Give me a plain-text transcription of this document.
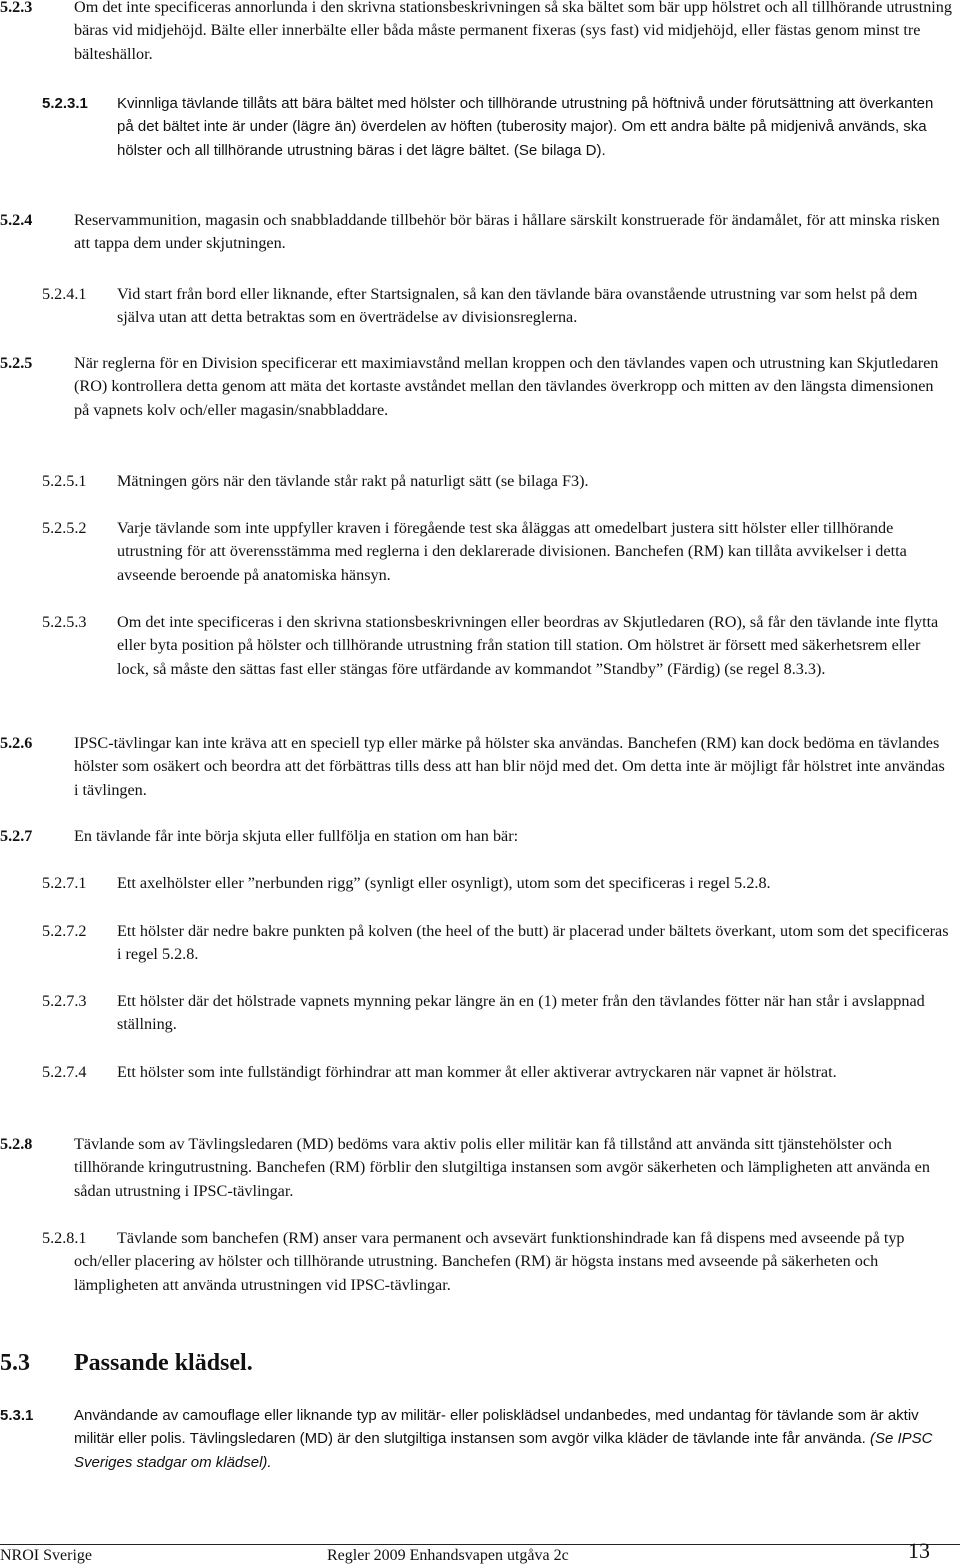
5.2.3	Om det inte specificeras annorlunda i den skrivna stationsbeskrivningen så ska bältet som bär upp hölstret och all tillhörande utrustning bäras vid midjehöjd. Bälte eller innerbälte eller båda måste permanent fixeras (sys fast) vid midjehöjd, eller fästas genom minst tre bälteshällor.
5.2.3.1 Kvinnliga tävlande tillåts att bära bältet med hölster och tillhörande utrustning på höftnivå under förutsättning att överkanten på det bältet inte är under (lägre än) överdelen av höften (tuberosity major). Om ett andra bälte på midjenivå används, ska hölster och all tillhörande utrustning bäras i det lägre bältet. (Se bilaga D).
5.2.4	Reservammunition, magasin och snabbladdande tillbehör bör bäras i hållare särskilt konstruerade för ändamålet, för att minska risken att tappa dem under skjutningen.
5.2.4.1 Vid start från bord eller liknande, efter Startsignalen, så kan den tävlande bära ovanstående utrustning var som helst på dem själva utan att detta betraktas som en överträdelse av divisionsreglerna.
5.2.5	När reglerna för en Division specificerar ett maximiavstånd mellan kroppen och den tävlandes vapen och utrustning kan Skjutledaren (RO) kontrollera detta genom att mäta det kortaste avståndet mellan den tävlandes överkropp och mitten av den längsta dimensionen på vapnets kolv och/eller magasin/snabbladdare.
5.2.5.1 Mätningen görs när den tävlande står rakt på naturligt sätt (se bilaga F3).
5.2.5.2 Varje tävlande som inte uppfyller kraven i föregående test ska åläggas att omedelbart justera sitt hölster eller tillhörande utrustning för att överensstämma med reglerna i den deklarerade divisionen. Banchefen (RM) kan tillåta avvikelser i detta avseende beroende på anatomiska hänsyn.
5.2.5.3 Om det inte specificeras i den skrivna stationsbeskrivningen eller beordras av Skjutledaren (RO), så får den tävlande inte flytta eller byta position på hölster och tillhörande utrustning från station till station. Om hölstret är försett med säkerhetsrem eller lock, så måste den sättas fast eller stängas före utfärdande av kommandot ”Standby” (Färdig) (se regel 8.3.3).
5.2.6	IPSC-tävlingar kan inte kräva att en speciell typ eller märke på hölster ska användas. Banchefen (RM) kan dock bedöma en tävlandes hölster som osäkert och beordra att det förbättras tills dess att han blir nöjd med det. Om detta inte är möjligt får hölstret inte användas i tävlingen.
5.2.7	En tävlande får inte börja skjuta eller fullfölja en station om han bär:
5.2.7.1 Ett axelhölster eller ”nerbunden rigg” (synligt eller osynligt), utom som det specificeras i regel 5.2.8.
5.2.7.2 Ett hölster där nedre bakre punkten på kolven (the heel of the butt) är placerad under bältets överkant, utom som det specificeras i regel 5.2.8.
5.2.7.3 Ett hölster där det hölstrade vapnets mynning pekar längre än en (1) meter från den tävlandes fötter när han står i avslappnad ställning.
5.2.7.4 Ett hölster som inte fullständigt förhindrar att man kommer åt eller aktiverar avtryckaren när vapnet är hölstrat.
5.2.8	Tävlande som av Tävlingsledaren (MD) bedöms vara aktiv polis eller militär kan få tillstånd att använda sitt tjänstehölster och tillhörande kringutrustning. Banchefen (RM) förblir den slutgiltiga instansen som avgör säkerheten och lämpligheten att använda en sådan utrustning i IPSC-tävlingar.
5.2.8.1	Tävlande som banchefen (RM) anser vara permanent och avsevärt funktionshindrade kan få dispens med avseende på typ och/eller placering av hölster och tillhörande utrustning. Banchefen (RM) är högsta instans med avseende på säkerheten och lämpligheten att använda utrustningen vid IPSC-tävlingar.
5.3 Passande klädsel.
5.3.1	Användande av camouflage eller liknande typ av militär- eller polisklädsel undanbedes, med undantag för tävlande som är aktiv militär eller polis. Tävlingsledaren (MD) är den slutgiltiga instansen som avgör vilka kläder de tävlande inte får använda. (Se IPSC Sveriges stadgar om klädsel).
NROI Sverige	Regler 2009 Enhandsvapen utgåva 2c	13
